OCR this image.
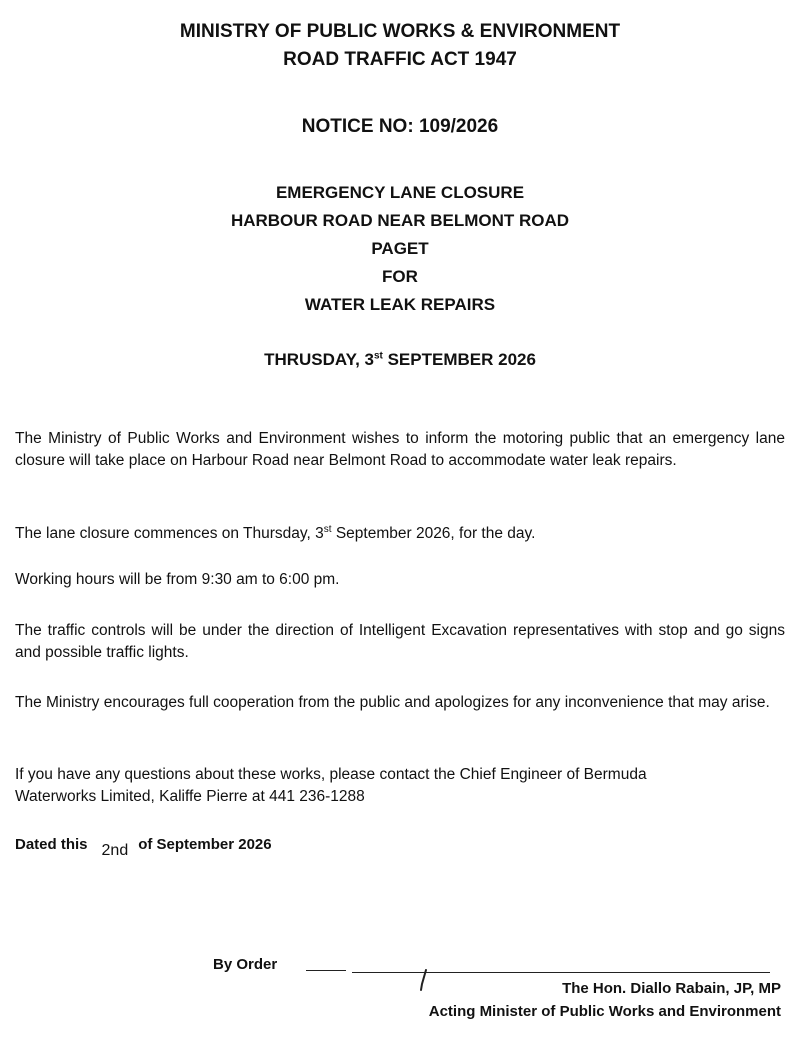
MINISTRY OF PUBLIC WORKS & ENVIRONMENT
ROAD TRAFFIC ACT 1947
NOTICE NO: 109/2026
EMERGENCY LANE CLOSURE
HARBOUR ROAD NEAR BELMONT ROAD
PAGET
FOR
WATER LEAK REPAIRS
THRUSDAY, 3st SEPTEMBER 2026

The Ministry of Public Works and Environment wishes to inform the motoring public that an emergency lane closure will take place on Harbour Road near Belmont Road to accommodate water leak repairs.

The lane closure commences on Thursday, 3st September 2026, for the day.

Working hours will be from 9:30 am to 6:00 pm.

The traffic controls will be under the direction of Intelligent Excavation representatives with stop and go signs and possible traffic lights.

The Ministry encourages full cooperation from the public and apologizes for any inconvenience that may arise.

If you have any questions about these works, please contact the Chief Engineer of Bermuda
Waterworks Limited, Kaliffe Pierre at 441 236-1288

Dated this 2nd of September 2026
By Order
The Hon. Diallo Rabain, JP, MP
Acting Minister of Public Works and Environment
